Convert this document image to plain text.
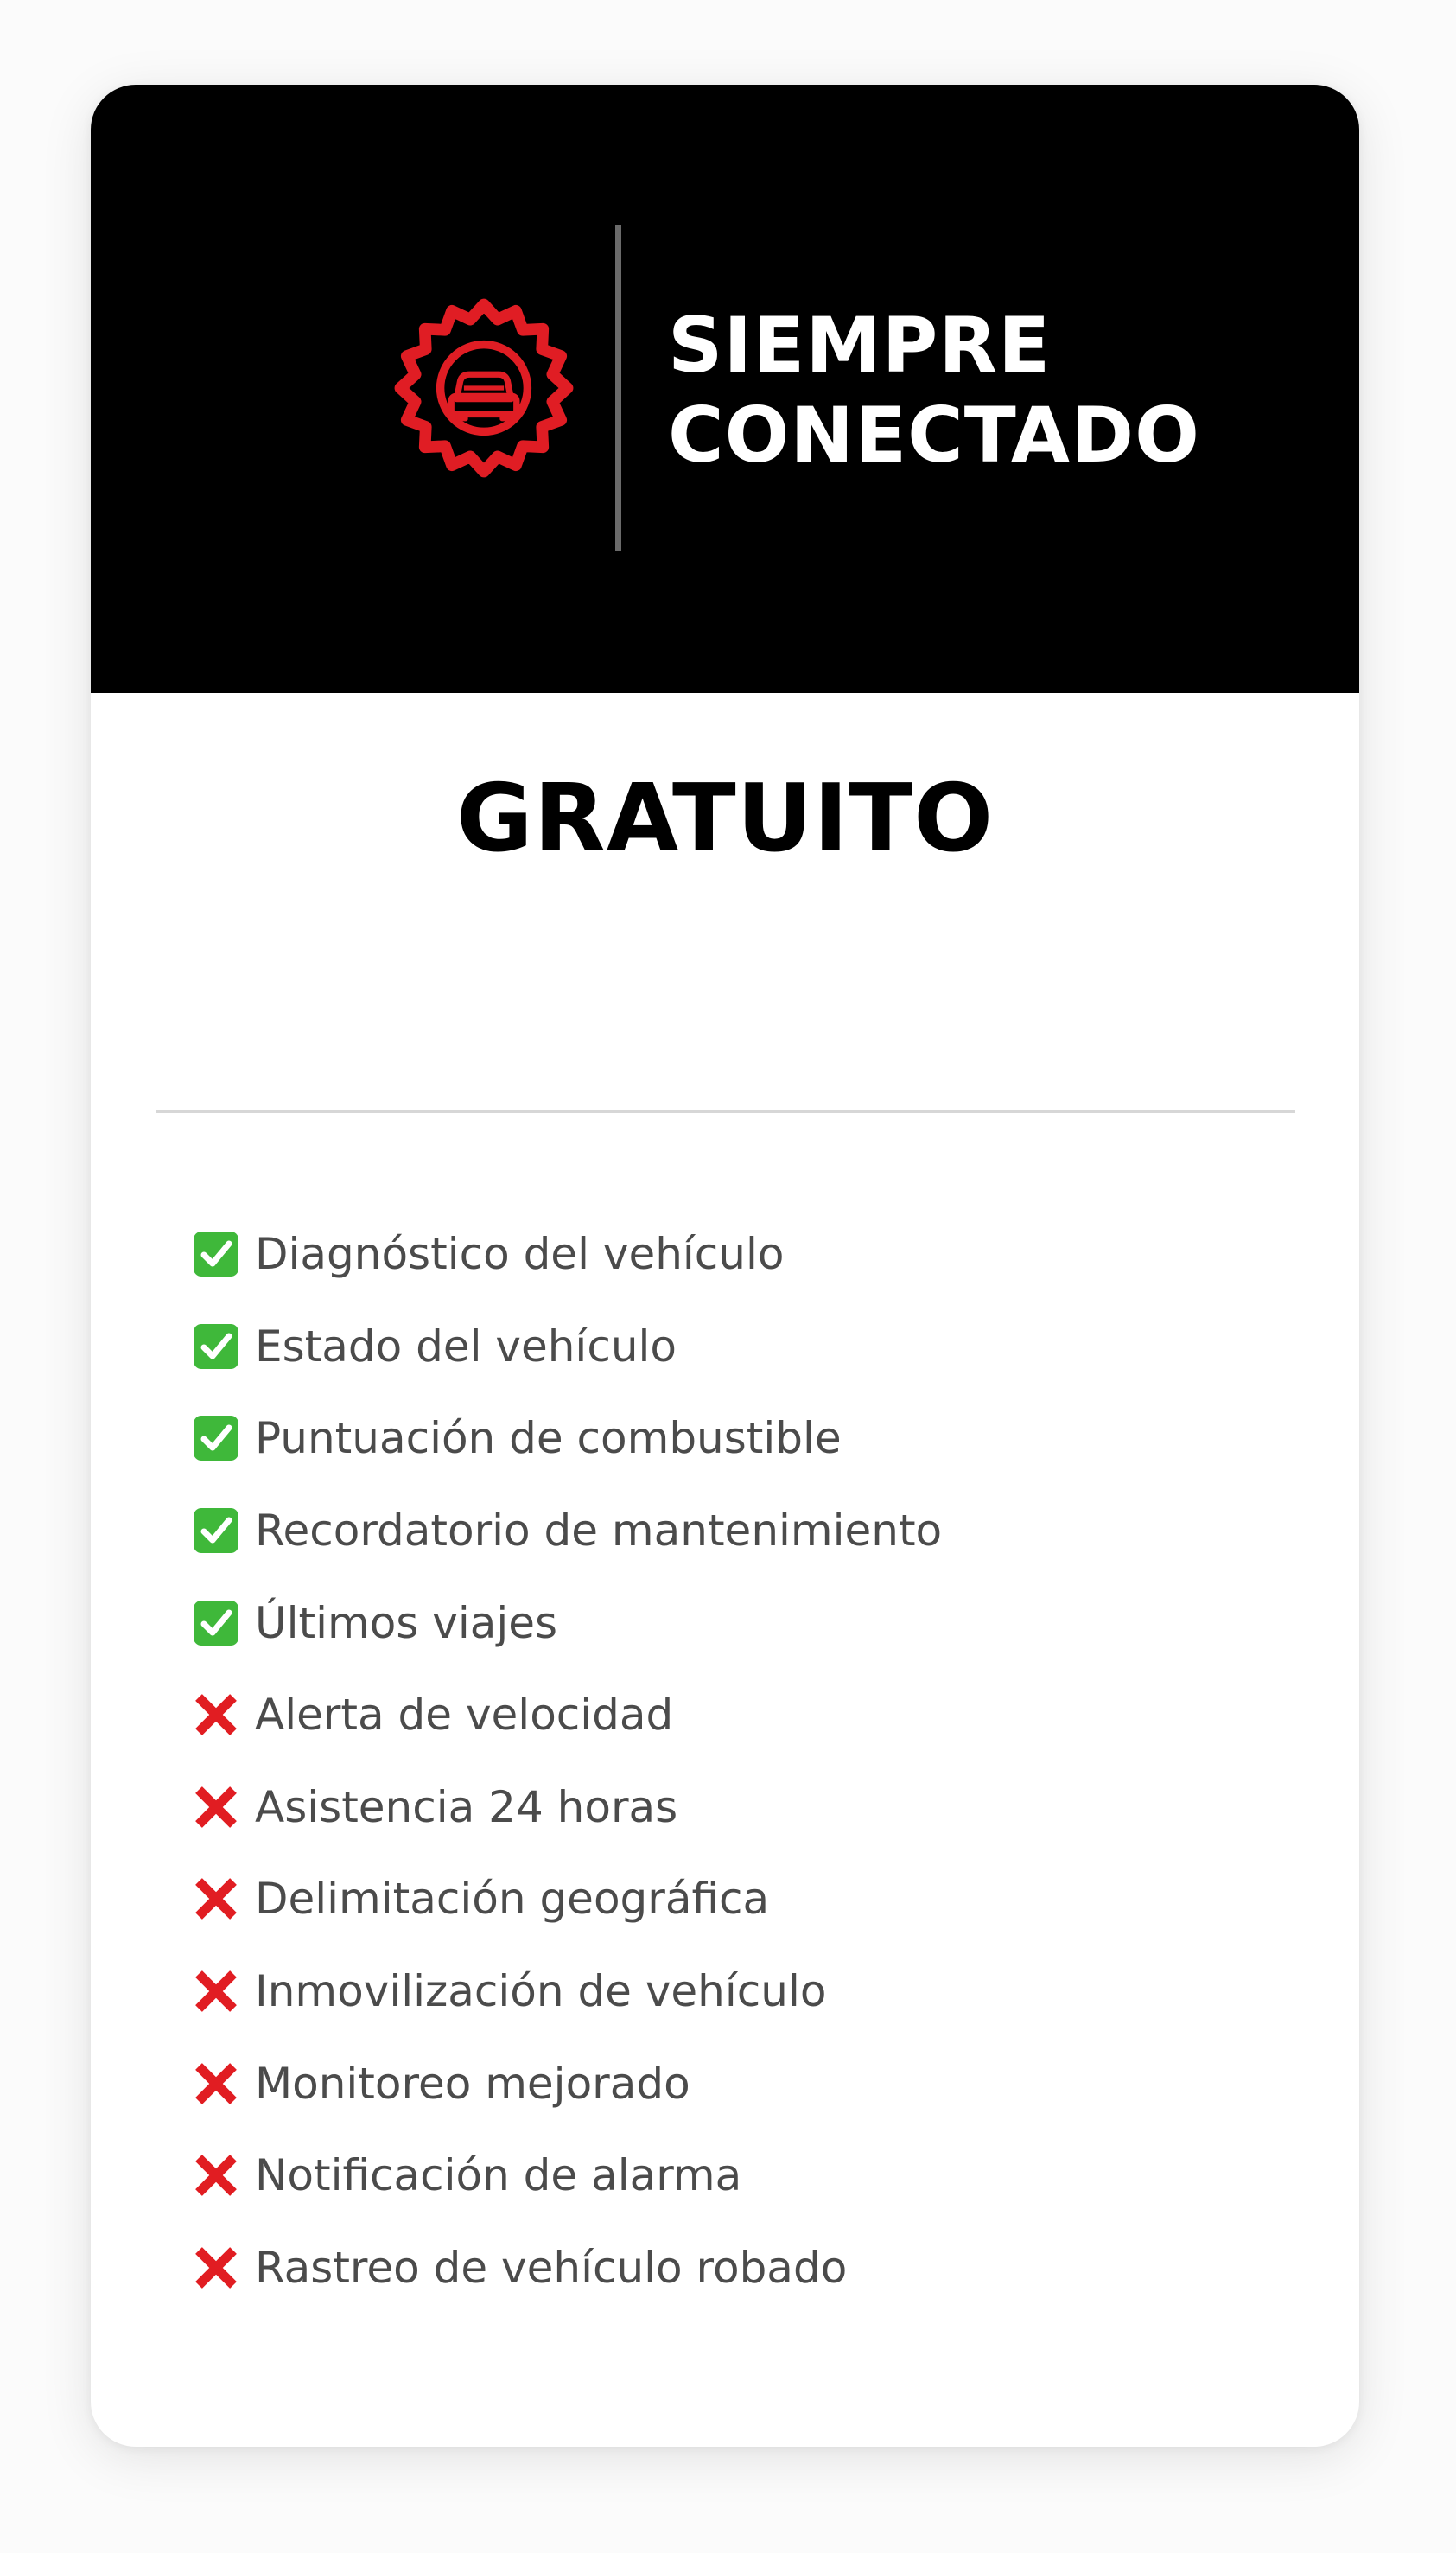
SIEMPRE
CONECTADO
GRATUITO
Diagnóstico del vehículo
Estado del vehículo
Puntuación de combustible
Recordatorio de mantenimiento
Últimos viajes
Alerta de velocidad
Asistencia 24 horas
Delimitación geográfica
Inmovilización de vehículo
Monitoreo mejorado
Notificación de alarma
Rastreo de vehículo robado
